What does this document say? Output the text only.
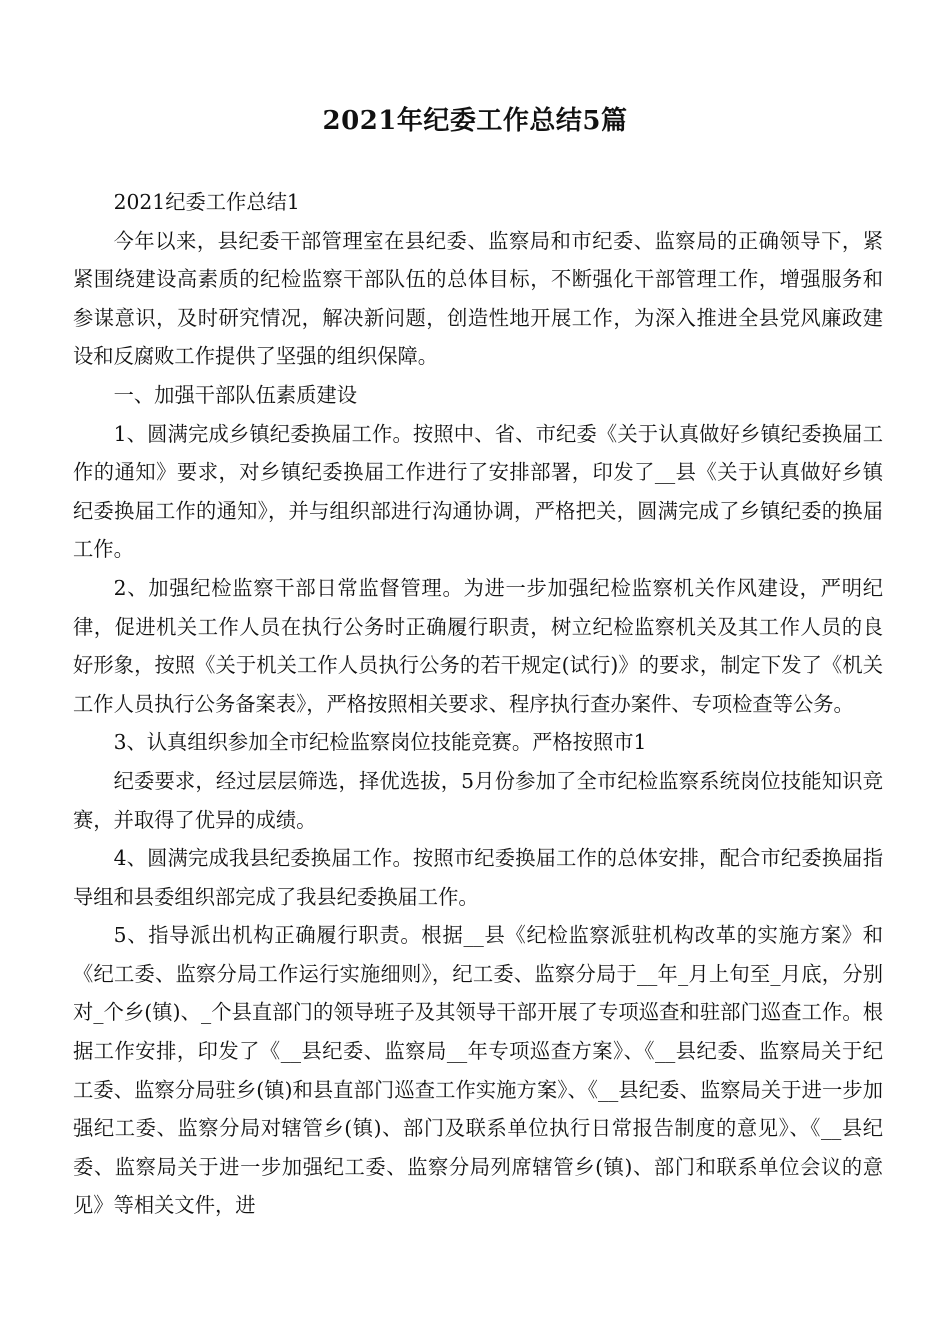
2021年纪委工作总结5篇

2021纪委工作总结1

今年以来，县纪委干部管理室在县纪委、监察局和市纪委、监察局的正确领导下，紧紧围绕建设高素质的纪检监察干部队伍的总体目标，不断强化干部管理工作，增强服务和参谋意识，及时研究情况，解决新问题，创造性地开展工作，为深入推进全县党风廉政建设和反腐败工作提供了坚强的组织保障。

一、加强干部队伍素质建设

1、圆满完成乡镇纪委换届工作。按照中、省、市纪委《关于认真做好乡镇纪委换届工作的通知》要求，对乡镇纪委换届工作进行了安排部署，印发了__县《关于认真做好乡镇纪委换届工作的通知》，并与组织部进行沟通协调，严格把关，圆满完成了乡镇纪委的换届工作。

2、加强纪检监察干部日常监督管理。为进一步加强纪检监察机关作风建设，严明纪律，促进机关工作人员在执行公务时正确履行职责，树立纪检监察机关及其工作人员的良好形象，按照《关于机关工作人员执行公务的若干规定(试行)》的要求，制定下发了《机关工作人员执行公务备案表》，严格按照相关要求、程序执行查办案件、专项检查等公务。

3、认真组织参加全市纪检监察岗位技能竞赛。严格按照市1

纪委要求，经过层层筛选，择优选拔，5月份参加了全市纪检监察系统岗位技能知识竞赛，并取得了优异的成绩。

4、圆满完成我县纪委换届工作。按照市纪委换届工作的总体安排，配合市纪委换届指导组和县委组织部完成了我县纪委换届工作。

5、指导派出机构正确履行职责。根据__县《纪检监察派驻机构改革的实施方案》和《纪工委、监察分局工作运行实施细则》，纪工委、监察分局于__年_月上旬至_月底，分别对_个乡(镇)、_个县直部门的领导班子及其领导干部开展了专项巡查和驻部门巡查工作。根据工作安排，印发了《__县纪委、监察局__年专项巡查方案》、《__县纪委、监察局关于纪工委、监察分局驻乡(镇)和县直部门巡查工作实施方案》、《__县纪委、监察局关于进一步加强纪工委、监察分局对辖管乡(镇)、部门及联系单位执行日常报告制度的意见》、《__县纪委、监察局关于进一步加强纪工委、监察分局列席辖管乡(镇)、部门和联系单位会议的意见》等相关文件，进
